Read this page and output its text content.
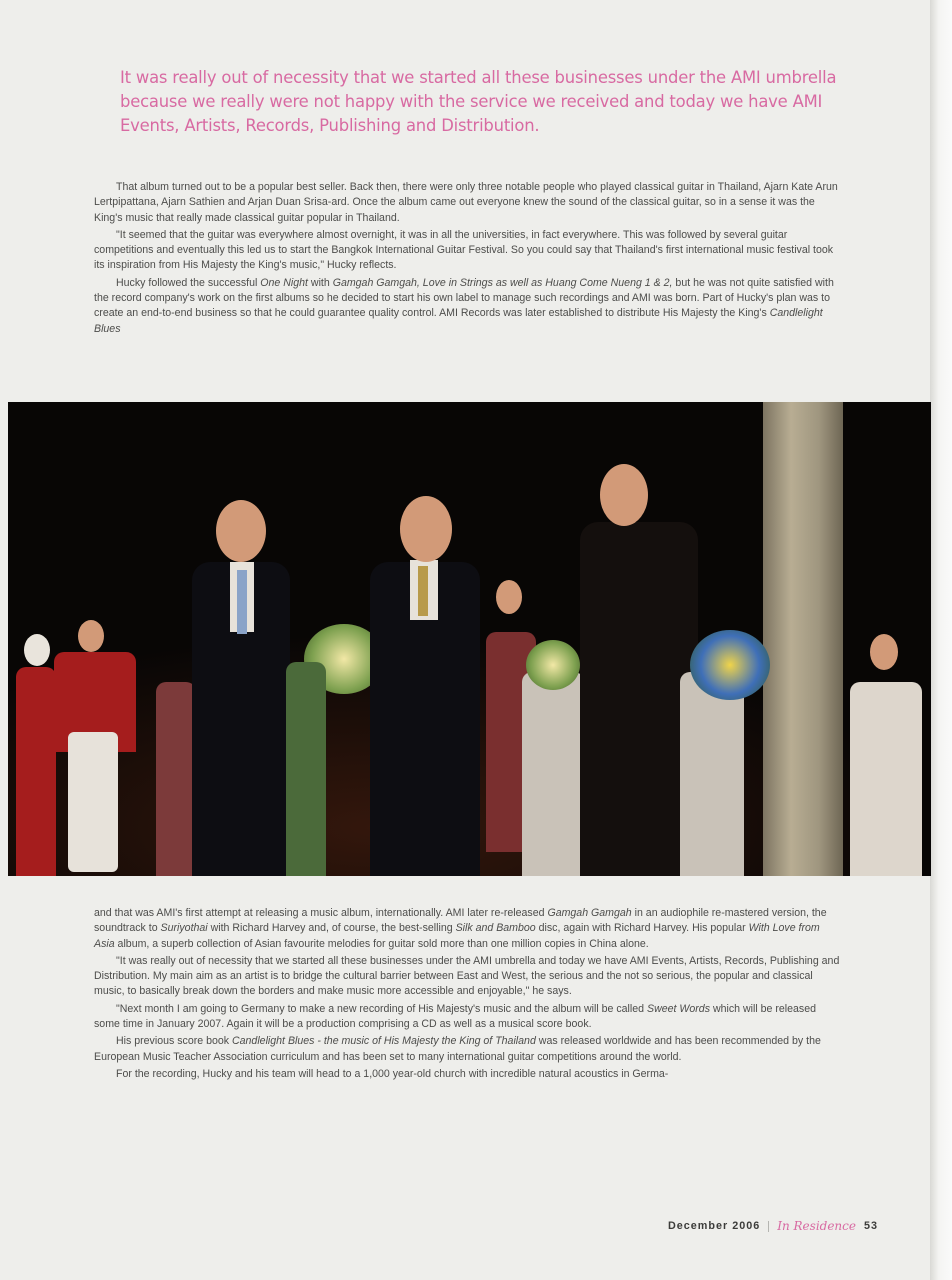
It was really out of necessity that we started all these businesses under the AMI umbrella because we really were not happy with the service we received and today we have AMI Events, Artists, Records, Publishing and Distribution.

That album turned out to be a popular best seller. Back then, there were only three notable people who played classical guitar in Thailand, Ajarn Kate Arun Lertpipattana, Ajarn Sathien and Arjan Duan Srisa-ard. Once the album came out everyone knew the sound of the classical guitar, so in a sense it was the King's music that really made classical guitar popular in Thailand.

"It seemed that the guitar was everywhere almost overnight, it was in all the universities, in fact everywhere. This was followed by several guitar competitions and eventually this led us to start the Bangkok International Guitar Festival. So you could say that Thailand's first international music festival took its inspiration from His Majesty the King's music," Hucky reflects.

Hucky followed the successful One Night with Gamgah Gamgah, Love in Strings as well as Huang Come Nueng 1 & 2, but he was not quite satisfied with the record company's work on the first albums so he decided to start his own label to manage such recordings and AMI was born. Part of Hucky's plan was to create an end-to-end business so that he could guarantee quality control. AMI Records was later established to distribute His Majesty the King's Candlelight Blues

and that was AMI's first attempt at releasing a music album, internationally. AMI later re-released Gamgah Gamgah in an audiophile re-mastered version, the soundtrack to Suriyothai with Richard Harvey and, of course, the best-selling Silk and Bamboo disc, again with Richard Harvey. His popular With Love from Asia album, a superb collection of Asian favourite melodies for guitar sold more than one million copies in China alone.

"It was really out of necessity that we started all these businesses under the AMI umbrella and today we have AMI Events, Artists, Records, Publishing and Distribution. My main aim as an artist is to bridge the cultural barrier between East and West, the serious and the not so serious, the popular and classical music, to basically break down the borders and make music more accessible and enjoyable," he says.

"Next month I am going to Germany to make a new recording of His Majesty's music and the album will be called Sweet Words which will be released some time in January 2007. Again it will be a production comprising a CD as well as a musical score book.

His previous score book Candlelight Blues - the music of His Majesty the King of Thailand was released worldwide and has been recommended by the European Music Teacher Association curriculum and has been set to many international guitar competitions around the world.

For the recording, Hucky and his team will head to a 1,000 year-old church with incredible natural acoustics in Germa-

December 2006 In Residence 53
